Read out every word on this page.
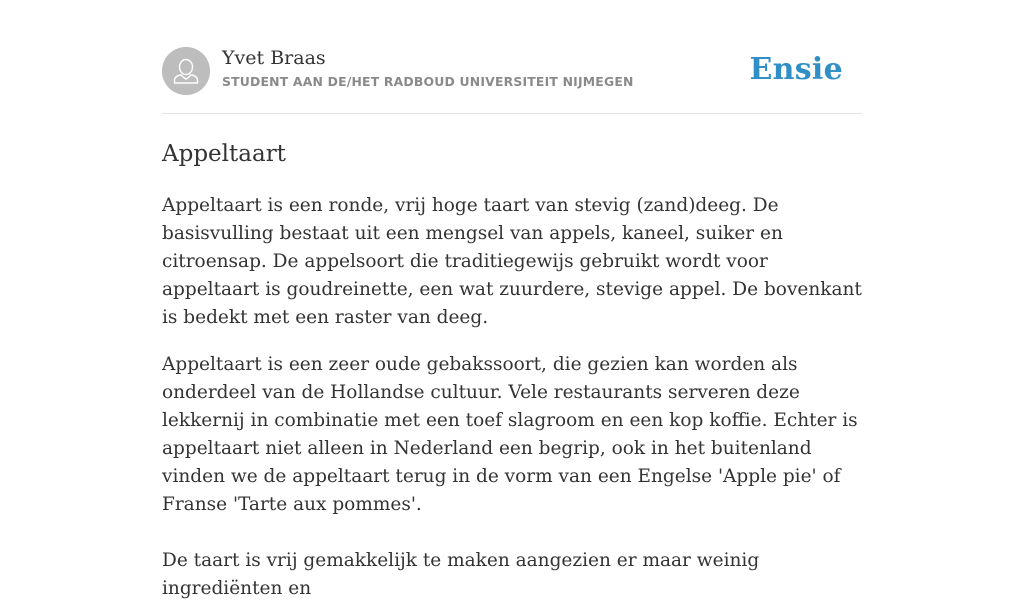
Yvet Braas
STUDENT AAN DE/HET RADBOUD UNIVERSITEIT NIJMEGEN	Ensie
Appeltaart

Appeltaart is een ronde, vrij hoge taart van stevig (zand)deeg. De basisvulling bestaat uit een mengsel van appels, kaneel, suiker en citroensap. De appelsoort die traditiegewijs gebruikt wordt voor appeltaart is goudreinette, een wat zuurdere, stevige appel. De bovenkant is bedekt met een raster van deeg.

Appeltaart is een zeer oude gebakssoort, die gezien kan worden als onderdeel van de Hollandse cultuur. Vele restaurants serveren deze lekkernij in combinatie met een toef slagroom en een kop koffie. Echter is appeltaart niet alleen in Nederland een begrip, ook in het buitenland vinden we de appeltaart terug in de vorm van een Engelse 'Apple pie' of Franse 'Tarte aux pommes'.

De taart is vrij gemakkelijk te maken aangezien er maar weinig ingrediënten en
